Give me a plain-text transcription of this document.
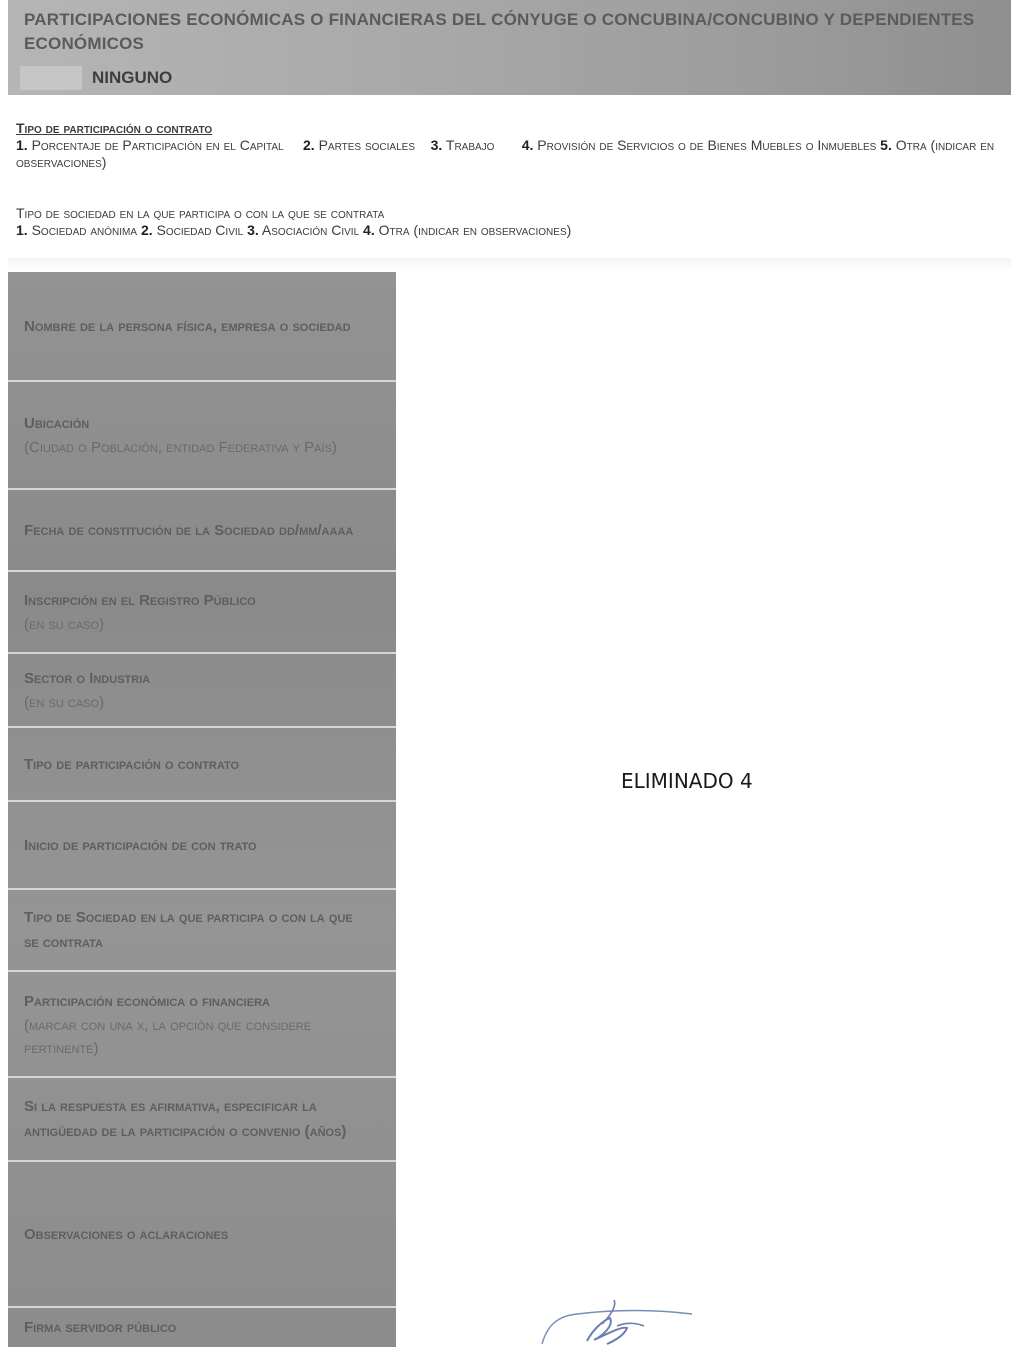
PARTICIPACIONES ECONÓMICAS O FINANCIERAS DEL CÓNYUGE O CONCUBINA/CONCUBINO Y DEPENDIENTES ECONÓMICOS
NINGUNO
Tipo de participación o contrato
1. Porcentaje de Participación en el Capital 2. Partes sociales 3. Trabajo 4. Provisión de Servicios o de Bienes Muebles o Inmuebles 5. Otra (indicar en observaciones)
Tipo de sociedad en la que participa o con la que se contrata
1. Sociedad anónima 2. Sociedad Civil 3. Asociación Civil 4. Otra (indicar en observaciones)
Nombre de la persona física, empresa o sociedad
Ubicación
(Ciudad o Población, entidad Federativa y País)
Fecha de constitución de la Sociedad dd/mm/aaaa
Inscripción en el Registro Público
(en su caso)
Sector o Industria
(en su caso)
Tipo de participación o contrato
Inicio de participación de con trato
Tipo de Sociedad en la que participa o con la que se contrata
Participación económica o financiera
(marcar con una x, la opción que considere pertinente)
Si la respuesta es afirmativa, especificar la antigüedad de la participación o convenio (años)
Observaciones o aclaraciones
Firma servidor público
ELIMINADO 4
